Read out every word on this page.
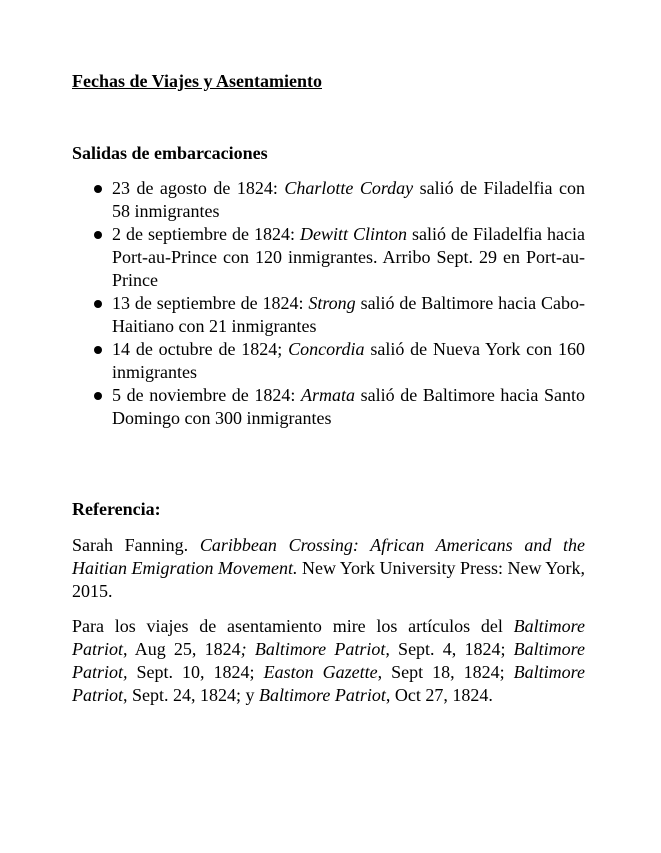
Fechas de Viajes y Asentamiento
Salidas de embarcaciones
23 de agosto de 1824: Charlotte Corday salió de Filadelfia con 58 inmigrantes
2 de septiembre de 1824: Dewitt Clinton salió de Filadelfia hacia Port-au-Prince con 120 inmigrantes. Arribo Sept. 29 en Port-au-Prince
13 de septiembre de 1824: Strong salió de Baltimore hacia Cabo-Haitiano con 21 inmigrantes
14 de octubre de 1824; Concordia salió de Nueva York con 160 inmigrantes
5 de noviembre de 1824: Armata salió de Baltimore hacia Santo Domingo con 300 inmigrantes
Referencia:

Sarah Fanning. Caribbean Crossing: African Americans and the Haitian Emigration Movement. New York University Press: New York, 2015.

Para los viajes de asentamiento mire los artículos del Baltimore Patriot, Aug 25, 1824; Baltimore Patriot, Sept. 4, 1824; Baltimore Patriot, Sept. 10, 1824; Easton Gazette, Sept 18, 1824; Baltimore Patriot, Sept. 24, 1824; y Baltimore Patriot, Oct 27, 1824.
